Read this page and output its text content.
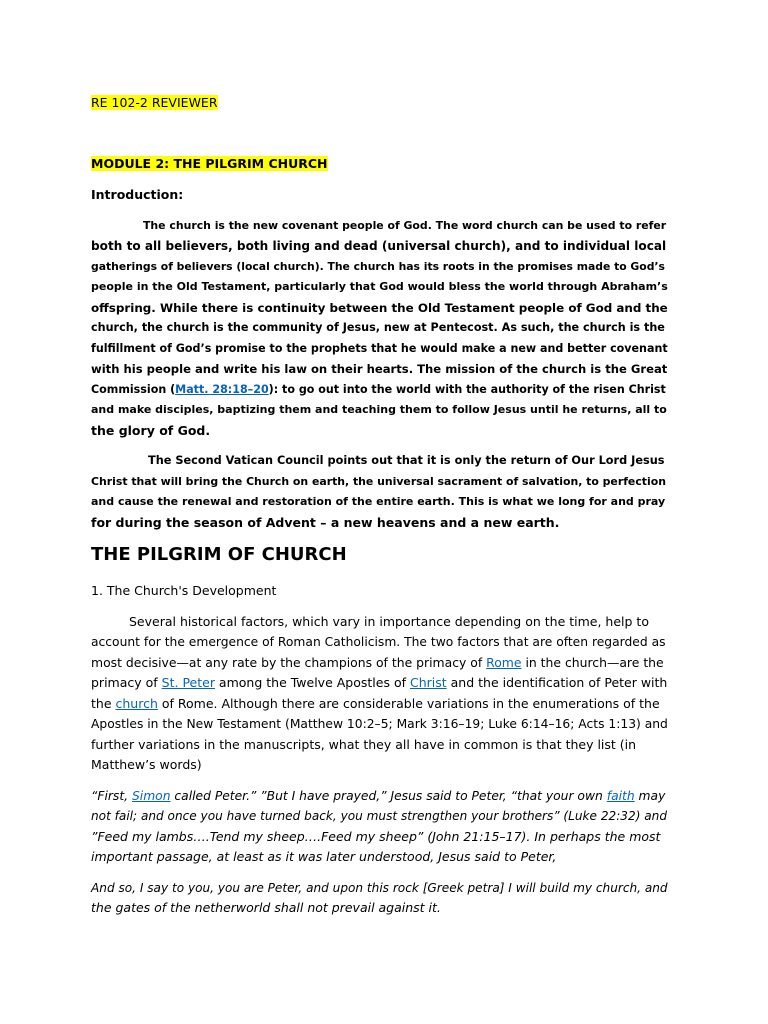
RE 102-2 REVIEWER

MODULE 2: THE PILGRIM CHURCH

Introduction:

The church is the new covenant people of God. The word church can be used to refer

both to all believers, both living and dead (universal church), and to individual local

gatherings of believers (local church). The church has its roots in the promises made to God’s

people in the Old Testament, particularly that God would bless the world through Abraham’s

offspring. While there is continuity between the Old Testament people of God and the

church, the church is the community of Jesus, new at Pentecost. As such, the church is the

fulfillment of God’s promise to the prophets that he would make a new and better covenant

with his people and write his law on their hearts. The mission of the church is the Great

Commission (Matt. 28:18–20): to go out into the world with the authority of the risen Christ

and make disciples, baptizing them and teaching them to follow Jesus until he returns, all to

the glory of God.

The Second Vatican Council points out that it is only the return of Our Lord Jesus

Christ that will bring the Church on earth, the universal sacrament of salvation, to perfection

and cause the renewal and restoration of the entire earth. This is what we long for and pray

for during the season of Advent – a new heavens and a new earth.

THE PILGRIM OF CHURCH

1. The Church's Development

Several historical factors, which vary in importance depending on the time, help to

account for the emergence of Roman Catholicism. The two factors that are often regarded as

most decisive—at any rate by the champions of the primacy of Rome in the church—are the

primacy of St. Peter among the Twelve Apostles of Christ and the identification of Peter with

the church of Rome. Although there are considerable variations in the enumerations of the

Apostles in the New Testament (Matthew 10:2–5; Mark 3:16–19; Luke 6:14–16; Acts 1:13) and

further variations in the manuscripts, what they all have in common is that they list (in

Matthew’s words)

“First, Simon called Peter.” ”But I have prayed,” Jesus said to Peter, “that your own faith may

not fail; and once you have turned back, you must strengthen your brothers” (Luke 22:32) and

”Feed my lambs….Tend my sheep….Feed my sheep” (John 21:15–17). In perhaps the most

important passage, at least as it was later understood, Jesus said to Peter,

And so, I say to you, you are Peter, and upon this rock [Greek petra] I will build my church, and

the gates of the netherworld shall not prevail against it.
